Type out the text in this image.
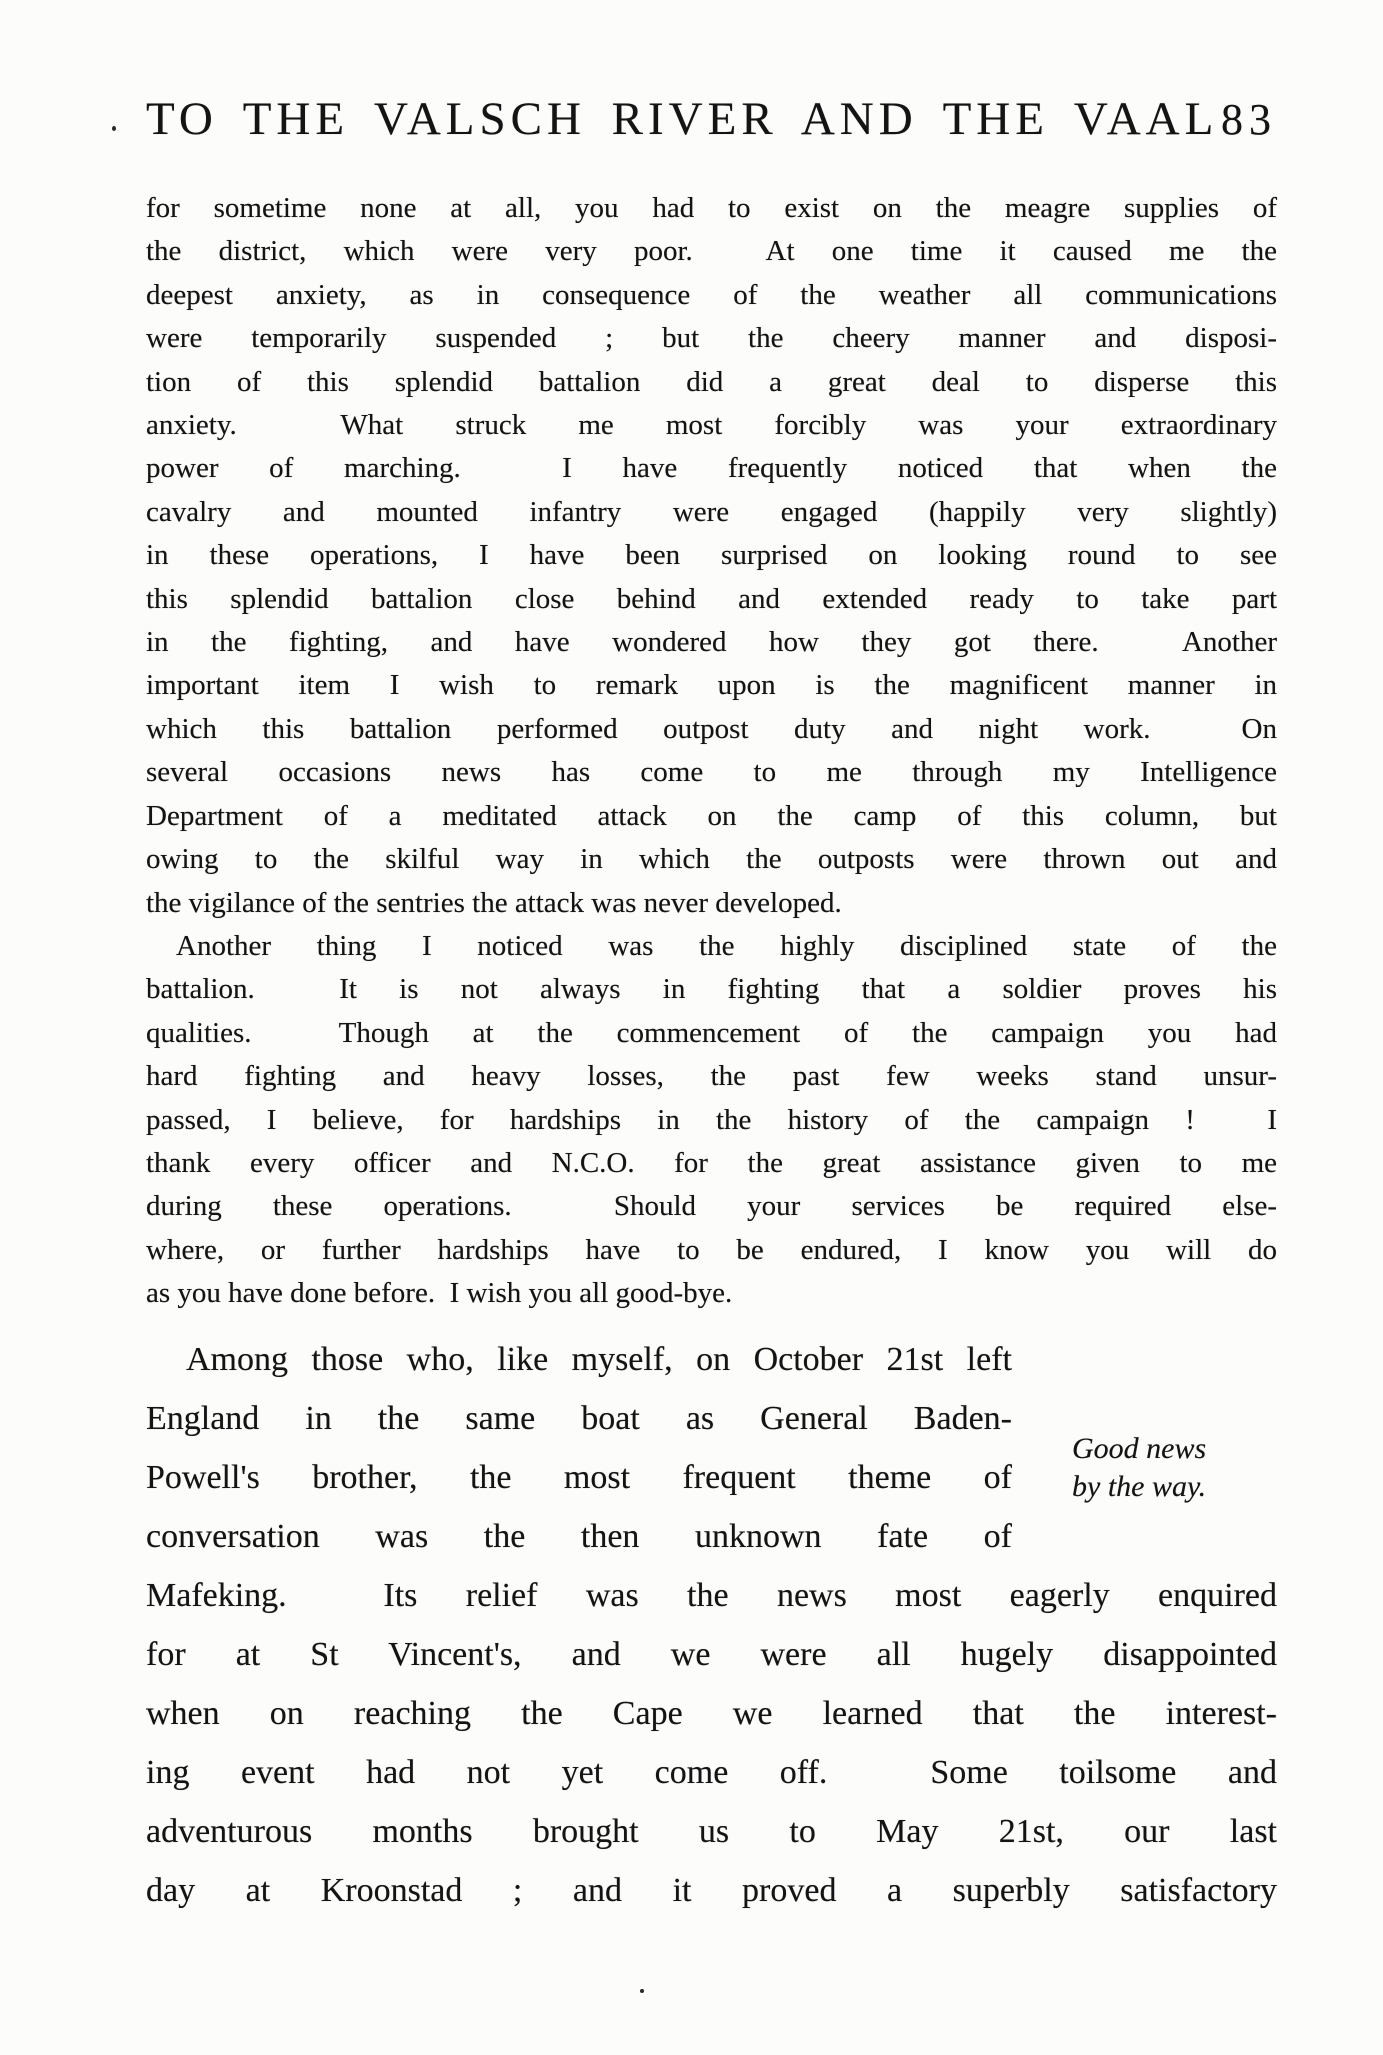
TO THE VALSCH RIVER AND THE VAAL 83
for sometime none at all, you had to exist on the meagre supplies of
the district, which were very poor.  At one time it caused me the
deepest anxiety, as in consequence of the weather all communications
were temporarily suspended ; but the cheery manner and disposi-
tion of this splendid battalion did a great deal to disperse this
anxiety.  What struck me most forcibly was your extraordinary
power of marching.  I have frequently noticed that when the
cavalry and mounted infantry were engaged (happily very slightly)
in these operations, I have been surprised on looking round to see
this splendid battalion close behind and extended ready to take part
in the fighting, and have wondered how they got there.  Another
important item I wish to remark upon is the magnificent manner in
which this battalion performed outpost duty and night work.  On
several occasions news has come to me through my Intelligence
Department of a meditated attack on the camp of this column, but
owing to the skilful way in which the outposts were thrown out and
the vigilance of the sentries the attack was never developed.
Another thing I noticed was the highly disciplined state of the
battalion.  It is not always in fighting that a soldier proves his
qualities.  Though at the commencement of the campaign you had
hard fighting and heavy losses, the past few weeks stand unsur-
passed, I believe, for hardships in the history of the campaign !  I
thank every officer and N.C.O. for the great assistance given to me
during these operations.  Should your services be required else-
where, or further hardships have to be endured, I know you will do
as you have done before.  I wish you all good-bye.
Good news
by the way.
Among those who, like myself, on October 21st left
England in the same boat as General Baden-
Powell's brother, the most frequent theme of
conversation was the then unknown fate of
Mafeking.  Its relief was the news most eagerly enquired
for at St Vincent's, and we were all hugely disappointed
when on reaching the Cape we learned that the interest-
ing event had not yet come off.  Some toilsome and
adventurous months brought us to May 21st, our last
day at Kroonstad ; and it proved a superbly satisfactory
